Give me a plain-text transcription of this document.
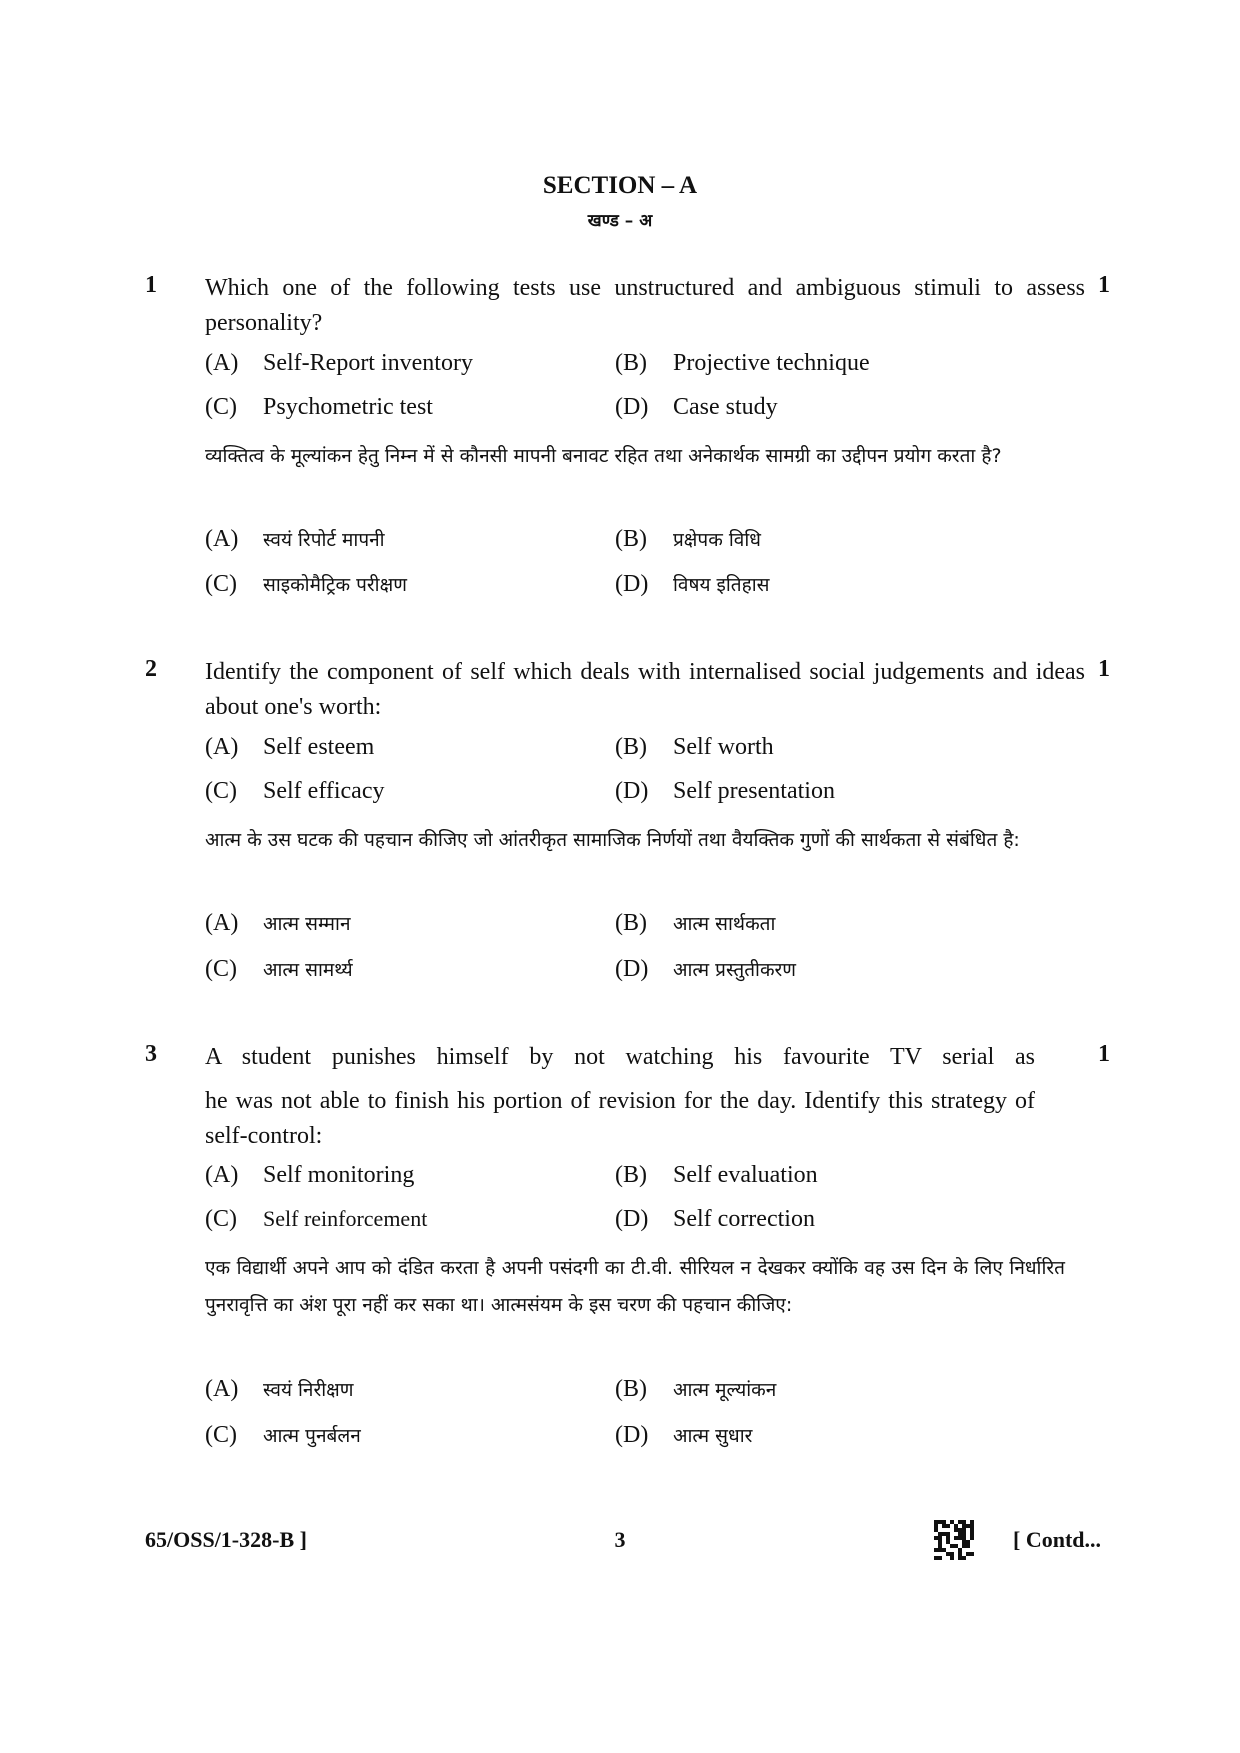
SECTION – A
खण्ड – अ
1	1
Which one of the following tests use unstructured and ambiguous stimuli to assess personality?
(A) Self-Report inventory	(B) Projective technique
(C) Psychometric test	(D) Case study
व्यक्तित्व के मूल्यांकन हेतु निम्न में से कौनसी मापनी बनावट रहित तथा अनेकार्थक सामग्री का उद्दीपन प्रयोग करता है?
(A) स्वयं रिपोर्ट मापनी	(B) प्रक्षेपक विधि
(C) साइकोमैट्रिक परीक्षण	(D) विषय इतिहास
2	1
Identify the component of self which deals with internalised social judgements and ideas about one's worth:
(A) Self esteem	(B) Self worth
(C) Self efficacy	(D) Self presentation
आत्म के उस घटक की पहचान कीजिए जो आंतरीकृत सामाजिक निर्णयों तथा वैयक्तिक गुणों की सार्थकता से संबंधित है:
(A) आत्म सम्मान	(B) आत्म सार्थकता
(C) आत्म सामर्थ्य	(D) आत्म प्रस्तुतीकरण
3	1
A student punishes himself by not watching his favourite TV serial as
he was not able to finish his portion of revision for the day. Identify this strategy of self-control:
(A) Self monitoring	(B) Self evaluation
(C) Self reinforcement	(D) Self correction
एक विद्यार्थी अपने आप को दंडित करता है अपनी पसंदगी का टी.वी. सीरियल न देखकर क्योंकि वह उस दिन के लिए निर्धारित पुनरावृत्ति का अंश पूरा नहीं कर सका था। आत्मसंयम के इस चरण की पहचान कीजिए:
(A) स्वयं निरीक्षण	(B) आत्म मूल्यांकन
(C) आत्म पुनर्बलन	(D) आत्म सुधार
65/OSS/1-328-B ]	3	[ Contd...
